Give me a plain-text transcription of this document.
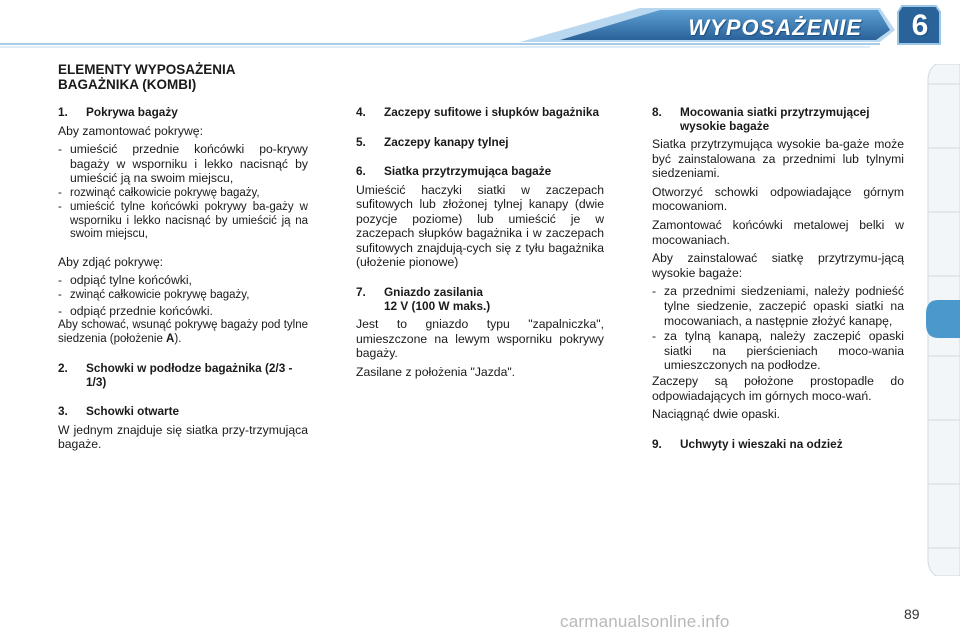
WYPOSAŻENIE 6
ELEMENTY WYPOSAŻENIA
BAGAŻNIKA (KOMBI)
1.	Pokrywa bagaży
Aby zamontować pokrywę:
- umieścić przednie końcówki po-krywy bagaży w wsporniku i lekko nacisnąć by umieścić ją na swoim miejscu,
- rozwinąć całkowicie pokrywę bagaży,
- umieścić tylne końcówki pokrywy ba-gaży w wsporniku i lekko nacisnąć by umieścić ją na swoim miejscu,
Aby zdjąć pokrywę:
- odpiąć tylne końcówki,
- zwinąć całkowicie pokrywę bagaży,
- odpiąć przednie końcówki.
Aby schować, wsunąć pokrywę bagaży pod tylne siedzenia (położenie A).
2.	Schowki w podłodze bagażnika (2/3 - 1/3)
3.	Schowki otwarte
W jednym znajduje się siatka przy-trzymująca bagaże.
4.	Zaczepy sufitowe i słupków bagażnika
5.	Zaczepy kanapy tylnej
6.	Siatka przytrzymująca bagaże
Umieścić haczyki siatki w zaczepach sufitowych lub złożonej tylnej kanapy (dwie pozycje poziome) lub umieścić je w zaczepach słupków bagażnika i w zaczepach sufitowych znajdują-cych się z tyłu bagażnika (ułożenie pionowe)
7.	Gniazdo zasilania
12 V (100 W maks.)
Jest to gniazdo typu "zapalniczka", umieszczone na lewym wsporniku pokrywy bagaży.
Zasilane z położenia "Jazda".
8.	Mocowania siatki przytrzymującej wysokie bagaże
Siatka przytrzymująca wysokie ba-gaże może być zainstalowana za przednimi lub tylnymi siedzeniami.
Otworzyć schowki odpowiadające górnym mocowaniom.
Zamontować końcówki metalowej belki w mocowaniach.
Aby zainstalować siatkę przytrzymu-jącą wysokie bagaże:
- za przednimi siedzeniami, należy podnieść tylne siedzenie, zaczepić opaski siatki na mocowaniach, a następnie złożyć kanapę,
- za tylną kanapą, należy zaczepić opaski siatki na pierścieniach moco-wania umieszczonych na podłodze.
Zaczepy są położone prostopadle do odpowiadających im górnych moco-wań.
Naciągnąć dwie opaski.
9.	Uchwyty i wieszaki na odzież
89
carmanualsonline.info
